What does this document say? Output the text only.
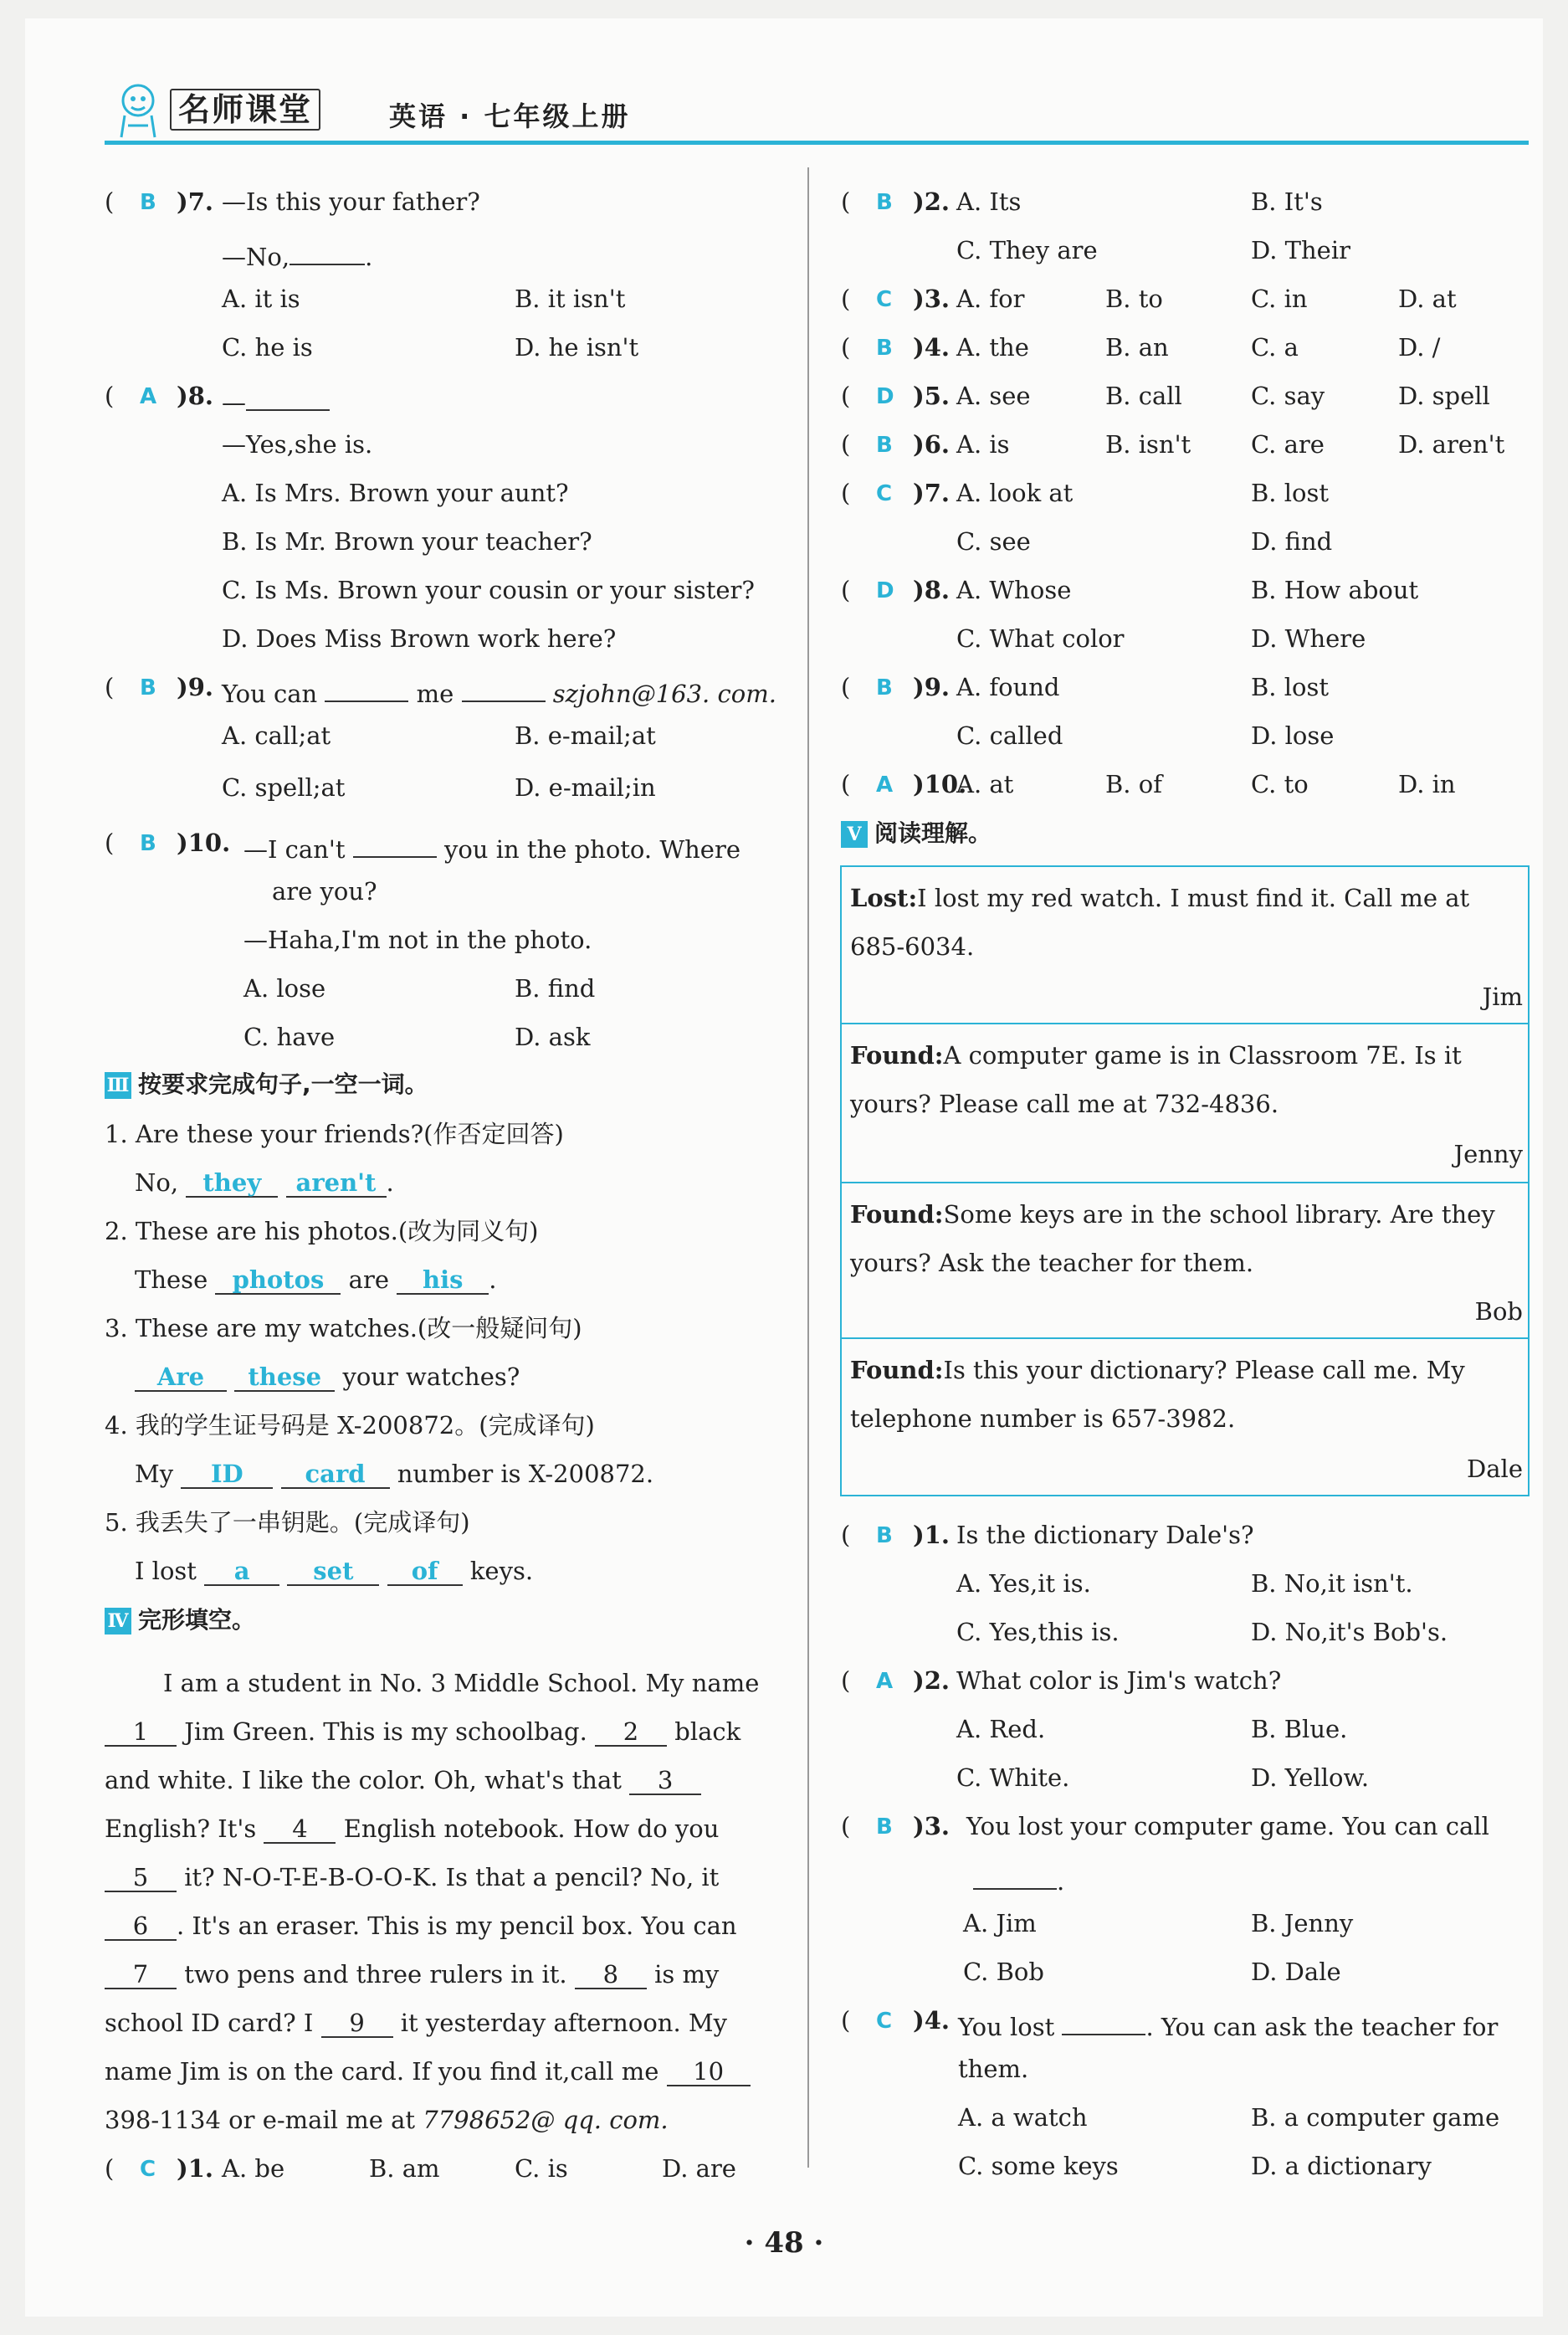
名师课堂	英语 · 七年级上册
( B )7. —Is this your father?
—No,	.
A. it is	B. it isn't
C. he is	D. he isn't
( A )8. —
—Yes,she is.
A. Is Mrs. Brown your aunt?
B. Is Mr. Brown your teacher?
C. Is Ms. Brown your cousin or your sister?
D. Does Miss Brown work here?
( B )9. You can	me	szjohn@163. com.
A. call;at	B. e-mail;at
C. spell;at	D. e-mail;in
( B )10. —I can't	you in the photo. Where
are you?
—Haha,I'm not in the photo.
A. lose	B. find
C. have	D. ask
Ⅲ 按要求完成句子,一空一词。
1. Are these your friends?(作否定回答)
No, they aren't .
2. These are his photos.(改为同义句)
These photos are his .
3. These are my watches.(改一般疑问句)
Are these your watches?
4. 我的学生证号码是 X-200872。(完成译句)
My ID	card number is X-200872.
5. 我丢失了一串钥匙。(完成译句)
I lost a	set of keys.
Ⅳ 完形填空。
I am a student in No. 3 Middle School. My name
1 Jim Green. This is my schoolbag. 2 black
and white. I like the color. Oh, what's that 3
English? It's 4 English notebook. How do you
5 it? N-O-T-E-B-O-O-K. Is that a pencil? No, it
6 . It's an eraser. This is my pencil box. You can
7 two pens and three rulers in it. 8 is my
school ID card? I 9 it yesterday afternoon. My
name Jim is on the card. If you find it,call me 10
398-1134 or e-mail me at 7798652@ qq. com.
( C )1. A. be	B. am	C. is	D. are
( B )2. A. Its	B. It's
C. They are	D. Their
( C )3. A. for	B. to	C. in	D. at
( B )4. A. the	B. an	C. a	D. /
( D )5. A. see	B. call	C. say	D. spell
( B )6. A. is	B. isn't C. are	D. aren't
( C )7. A. look at	B. lost
C. see	D. find
( D )8. A. Whose	B. How about
C. What color	D. Where
( B )9. A. found	B. lost
C. called	D. lose
( A )10.
A. at	B. of	C. to	D. in
Ⅴ 阅读理解。
Lost:I lost my red watch. I must find it. Call me at
685-6034.
Jim
Found:A computer game is in Classroom 7E. Is it
yours? Please call me at 732-4836.
Jenny
Found:Some keys are in the school library. Are they
yours? Ask the teacher for them.
Bob
Found:Is this your dictionary? Please call me. My
telephone number is 657-3982.
Dale
( B )1. Is the dictionary Dale's?
A. Yes,it is.	B. No,it isn't.
C. Yes,this is.	D. No,it's Bob's.
( A )2. What color is Jim's watch?
A. Red.	B. Blue.
C. White.	D. Yellow.
( B )3. You lost your computer game. You can call
.
A. Jim	B. Jenny
C. Bob	D. Dale
( C )4. You lost	. You can ask the teacher for
them.
A. a watch	B. a computer game
C. some keys	D. a dictionary
· 48 ·
